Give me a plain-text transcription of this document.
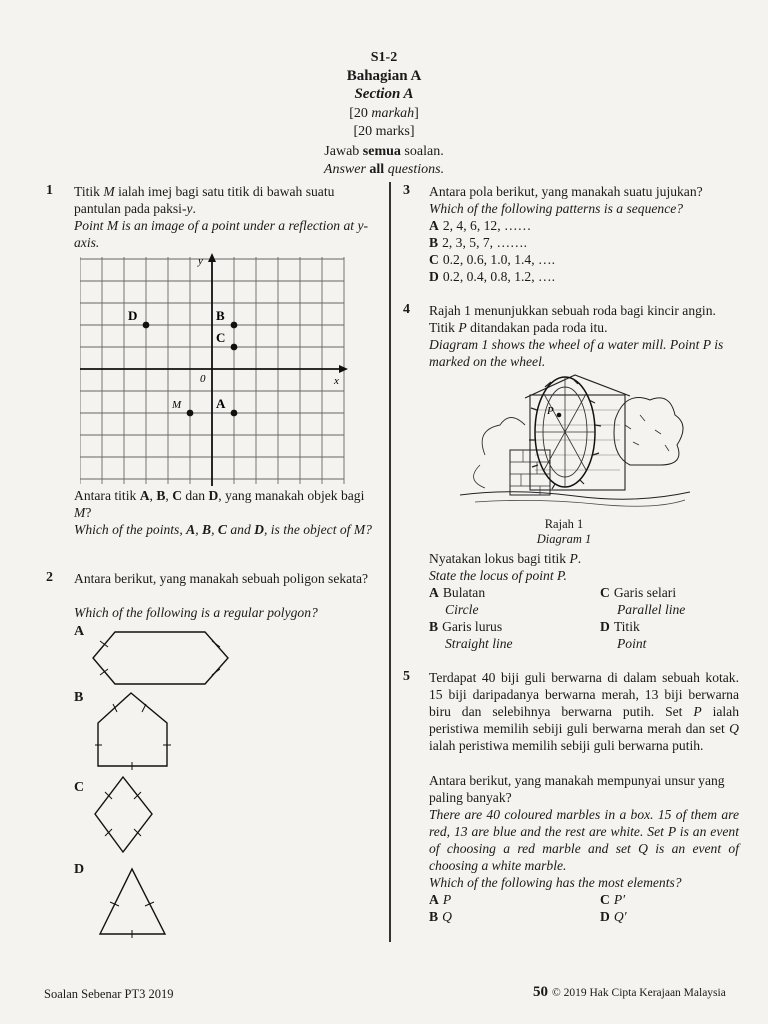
S1-2
Bahagian A
Section A
[20 markah]
[20 marks]
Jawab semua soalan.
Answer all questions.
1 Titik M ialah imej bagi satu titik di bawah suatu pantulan pada paksi-y.
Point M is an image of a point under a reflection at y-axis.
y
x
0
D	B
C
M	A
Antara titik A, B, C dan D, yang manakah objek bagi M?
Which of the points, A, B, C and D, is the object of M?
2 Antara berikut, yang manakah sebuah poligon sekata?
Which of the following is a regular polygon?
A
B
C
D
3 Antara pola berikut, yang manakah suatu jujukan?
Which of the following patterns is a sequence?
A 2, 4, 6, 12, ……
B 2, 3, 5, 7, …….
C 0.2, 0.6, 1.0, 1.4, ….
D 0.2, 0.4, 0.8, 1.2, ….
4 Rajah 1 menunjukkan sebuah roda bagi kincir angin. Titik P ditandakan pada roda itu.
Diagram 1 shows the wheel of a water mill. Point P is marked on the wheel.
P
Rajah 1
Diagram 1
Nyatakan lokus bagi titik P.
State the locus of point P.
A Bulatan
Circle
B Garis lurus
Straight line
C Garis selari
Parallel line
D Titik
Point
5 Terdapat 40 biji guli berwarna di dalam sebuah kotak. 15 biji daripadanya berwarna merah, 13 biji berwarna biru dan selebihnya berwarna putih. Set P ialah peristiwa memilih sebiji guli berwarna merah dan set Q ialah peristiwa memilih sebiji guli berwarna putih.
Antara berikut, yang manakah mempunyai unsur yang paling banyak?
There are 40 coloured marbles in a box. 15 of them are red, 13 are blue and the rest are white. Set P is an event of choosing a red marble and set Q is an event of choosing a white marble.
Which of the following has the most elements?
A P
B Q
C P′
D Q′
Soalan Sebenar PT3 2019	50 © 2019 Hak Cipta Kerajaan Malaysia
